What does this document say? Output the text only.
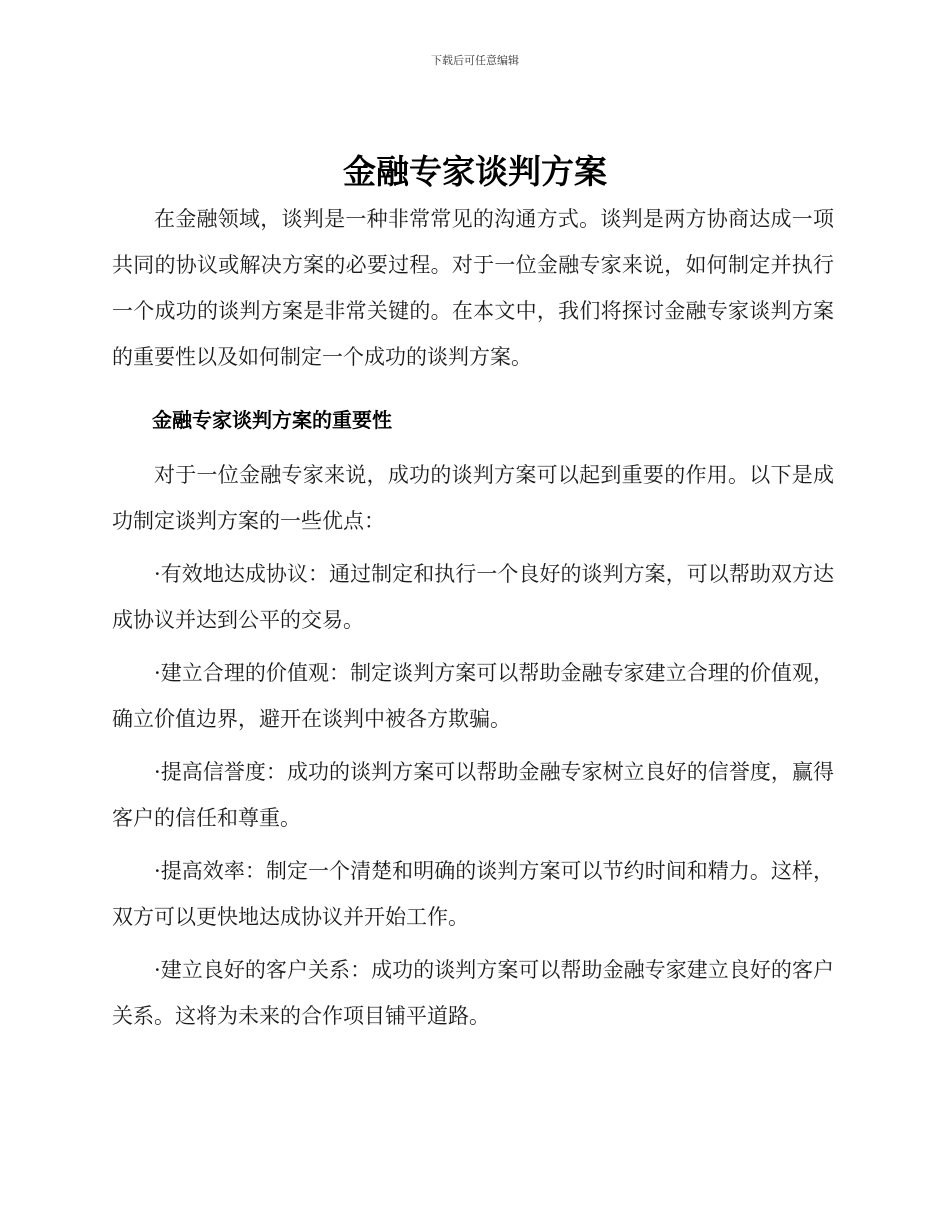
下载后可任意编辑
金融专家谈判方案

在金融领域，谈判是一种非常常见的沟通方式。谈判是两方协商达成一项共同的协议或解决方案的必要过程。对于一位金融专家来说，如何制定并执行一个成功的谈判方案是非常关键的。在本文中，我们将探讨金融专家谈判方案的重要性以及如何制定一个成功的谈判方案。

金融专家谈判方案的重要性

对于一位金融专家来说，成功的谈判方案可以起到重要的作用。以下是成功制定谈判方案的一些优点：

·有效地达成协议：通过制定和执行一个良好的谈判方案，可以帮助双方达成协议并达到公平的交易。
·建立合理的价值观：制定谈判方案可以帮助金融专家建立合理的价值观，确立价值边界，避开在谈判中被各方欺骗。
·提高信誉度：成功的谈判方案可以帮助金融专家树立良好的信誉度，赢得客户的信任和尊重。
·提高效率：制定一个清楚和明确的谈判方案可以节约时间和精力。这样，双方可以更快地达成协议并开始工作。
·建立良好的客户关系：成功的谈判方案可以帮助金融专家建立良好的客户关系。这将为未来的合作项目铺平道路。
